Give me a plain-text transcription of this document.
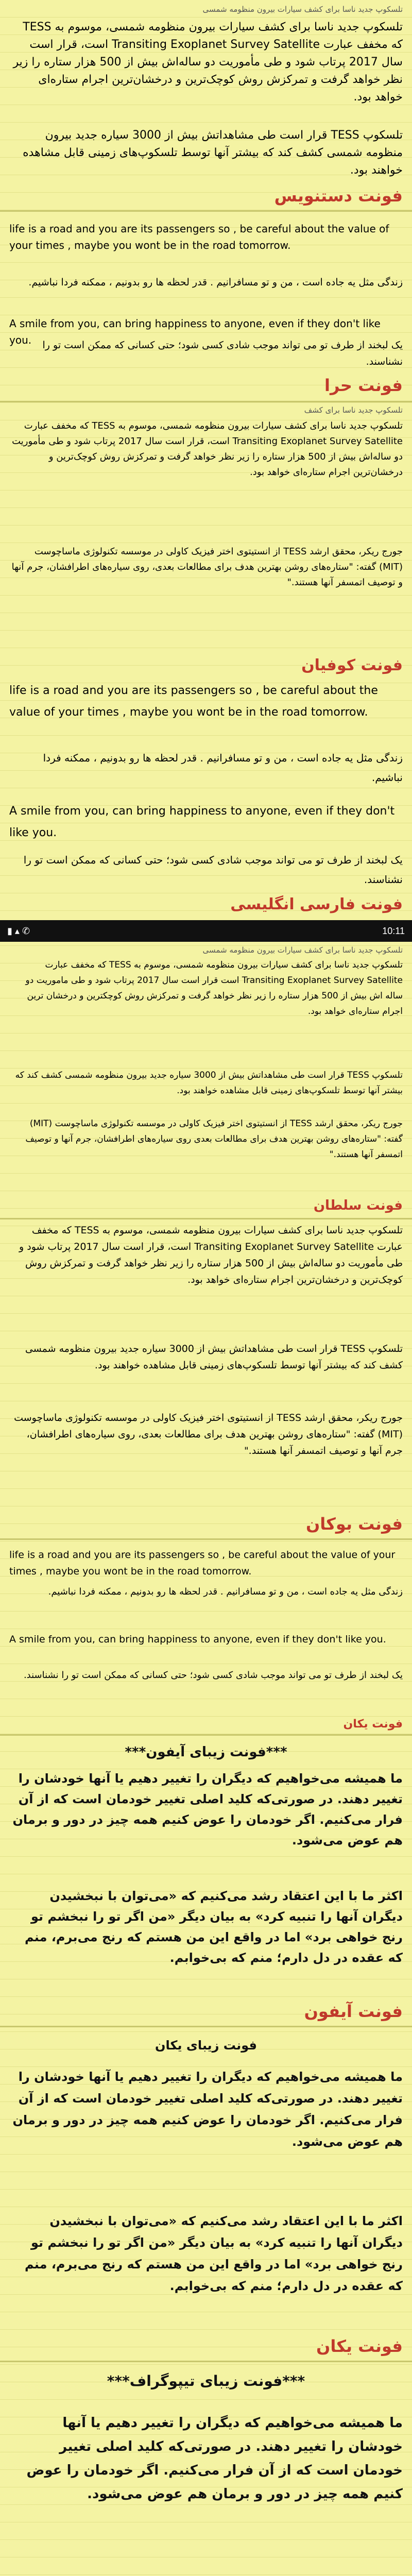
تلسکوپ جدید ناسا برای کشف سیارات بیرون منظومه شمسی
تلسکوپ جدید ناسا برای کشف سیارات بیرون منظومه شمسی، موسوم به TESS که مخفف عبارت Transiting Exoplanet Survey Satellite است، قرار است سال 2017 پرتاب شود و طی مأموریت دو ساله‌اش بیش از 500 هزار ستاره را زیر نظر خواهد گرفت و تمرکزش روش کوچک‌ترین و درخشان‌ترین اجرام ستاره‌ای خواهد بود.
تلسکوپ TESS قرار است طی مشاهداتش بیش از 3000 سیاره جدید بیرون منظومه شمسی کشف کند که بیشتر آنها توسط تلسکوپ‌های زمینی قابل مشاهده خواهند بود.
فونت دستنویس
life is a road and you are its passengers so , be careful about the value of your times , maybe you wont be in the road tomorrow.
زندگی مثل یه جاده است ، من و تو مسافرانیم . قدر لحظه ها رو بدونیم ، ممکنه فردا نباشیم.
A smile from you, can bring happiness to anyone, even if they don't like you.	یک لبخند از طرف تو می تواند موجب شادی کسی شود؛ حتی کسانی که ممکن است تو را نشناسند.
فونت حرا
تلسکوپ جدید ناسا برای کشف
تلسکوپ جدید ناسا برای کشف سیارات بیرون منظومه شمسی، موسوم به TESS که مخفف عبارت Transiting Exoplanet Survey Satellite است، قرار است سال 2017 پرتاب شود و طی مأموریت دو ساله‌اش بیش از 500 هزار ستاره را زیر نظر خواهد گرفت و تمرکزش روش کوچک‌ترین و درخشان‌ترین اجرام ستاره‌ای خواهد بود.
جورج ریکر، محقق ارشد TESS از انستیتوی اختر فیزیک کاولی در موسسه تکنولوژی ماساچوست (MIT) گفته: "ستاره‌های روشن بهترین هدف برای مطالعات بعدی، روی سیاره‌های اطرافشان، جرم آنها و توصیف اتمسفر آنها هستند."
فونت کوفیان
life is a road and you are its passengers so , be careful about the value of your times , maybe you wont be in the road tomorrow.
زندگی مثل یه جاده است ، من و تو مسافرانیم . قدر لحظه ها رو بدونیم ، ممکنه فردا نباشیم.
A smile from you, can bring happiness to anyone, even if they don't like you.
یک لبخند از طرف تو می تواند موجب شادی کسی شود؛ حتی کسانی که ممکن است تو را نشناسند.
فونت فارسی انگلیسی
10:11
▮ ▴ ✆
تلسکوپ جدید ناسا برای کشف سیارات بیرون منظومه شمسی
تلسکوپ جدید ناسا برای کشف سیارات بیرون منظومه شمسی، موسوم به TESS که مخفف عبارت Transiting Exoplanet Survey Satellite است قرار است سال 2017 پرتاب شود و طی ماموریت دو ساله اش بیش از 500 هزار ستاره را زیر نظر خواهد گرفت و تمرکزش روش کوچکترین و درخشان ترین اجرام ستاره‌ای خواهد بود.
تلسکوپ TESS قرار است طی مشاهداتش بیش از 3000 سیاره جدید بیرون منظومه شمسی کشف کند که بیشتر آنها توسط تلسکوپ‌های زمینی قابل مشاهده خواهند بود.
جورج ریکر، محقق ارشد TESS از انستیتوی اختر فیزیک کاولی در موسسه تکنولوژی ماساچوست (MIT) گفته: "ستاره‌های روشن بهترین هدف برای مطالعات بعدی روی سیاره‌های اطرافشان، جرم آنها و توصیف اتمسفر آنها هستند."
فونت سلطان
تلسکوپ جدید ناسا برای کشف سیارات بیرون منظومه شمسی، موسوم به TESS که مخفف عبارت Transiting Exoplanet Survey Satellite است، قرار است سال 2017 پرتاب شود و طی مأموریت دو ساله‌اش بیش از 500 هزار ستاره را زیر نظر خواهد گرفت و تمرکزش روش کوچک‌ترین و درخشان‌ترین اجرام ستاره‌ای خواهد بود.
تلسکوپ TESS قرار است طی مشاهداتش بیش از 3000 سیاره جدید بیرون منظومه شمسی کشف کند که بیشتر آنها توسط تلسکوپ‌های زمینی قابل مشاهده خواهند بود.
جورج ریکر، محقق ارشد TESS از انستیتوی اختر فیزیک کاولی در موسسه تکنولوژی ماساچوست (MIT) گفته: "ستاره‌های روشن بهترین هدف برای مطالعات بعدی، روی سیاره‌های اطرافشان، جرم آنها و توصیف اتمسفر آنها هستند."
فونت بوکان
life is a road and you are its passengers so , be careful about the value of your times , maybe you wont be in the road tomorrow.
زندگی مثل یه جاده است ، من و تو مسافرانیم . قدر لحظه ها رو بدونیم ، ممکنه فردا نباشیم.
A smile from you, can bring happiness to anyone, even if they don't like you.
یک لبخند از طرف تو می تواند موجب شادی کسی شود؛ حتی کسانی که ممکن است تو را نشناسند.
فونت یکان
***فونت زیبای آیفون***
ما همیشه می‌خواهیم که دیگران را تغییر دهیم یا آنها خودشان را تغییر دهند. در صورتی‌که کلید اصلی تغییر خودمان است که از آن فرار می‌کنیم. اگر خودمان را عوض کنیم همه چیز در دور و برمان هم عوض می‌شود.
اکثر ما با این اعتقاد رشد می‌کنیم که «می‌توان با نبخشیدن دیگران آنها را تنبیه کرد» به بیان دیگر «من اگر تو را نبخشم تو رنج خواهی برد» اما در واقع این من هستم که رنج می‌برم، منم که عقده در دل دارم؛ منم که بی‌خوابم.
فونت آیفون
فونت زیبای یکان
ما همیشه می‌خواهیم که دیگران را تغییر دهیم یا آنها خودشان را تغییر دهند. در صورتی‌که کلید اصلی تغییر خودمان است که از آن فرار می‌کنیم. اگر خودمان را عوض کنیم همه چیز در دور و برمان هم عوض می‌شود.
اکثر ما با این اعتقاد رشد می‌کنیم که «می‌توان با نبخشیدن دیگران آنها را تنبیه کرد» به بیان دیگر «من اگر تو را نبخشم تو رنج خواهی برد» اما در واقع این من هستم که رنج می‌برم، منم که عقده در دل دارم؛ منم که بی‌خوابم.
فونت یکان
***فونت زیبای تیپوگراف***
ما همیشه می‌خواهیم که دیگران را تغییر دهیم یا آنها خودشان را تغییر دهند. در صورتی‌که کلید اصلی تغییر خودمان است که از آن فرار می‌کنیم. اگر خودمان را عوض کنیم همه چیز در دور و برمان هم عوض می‌شود.
